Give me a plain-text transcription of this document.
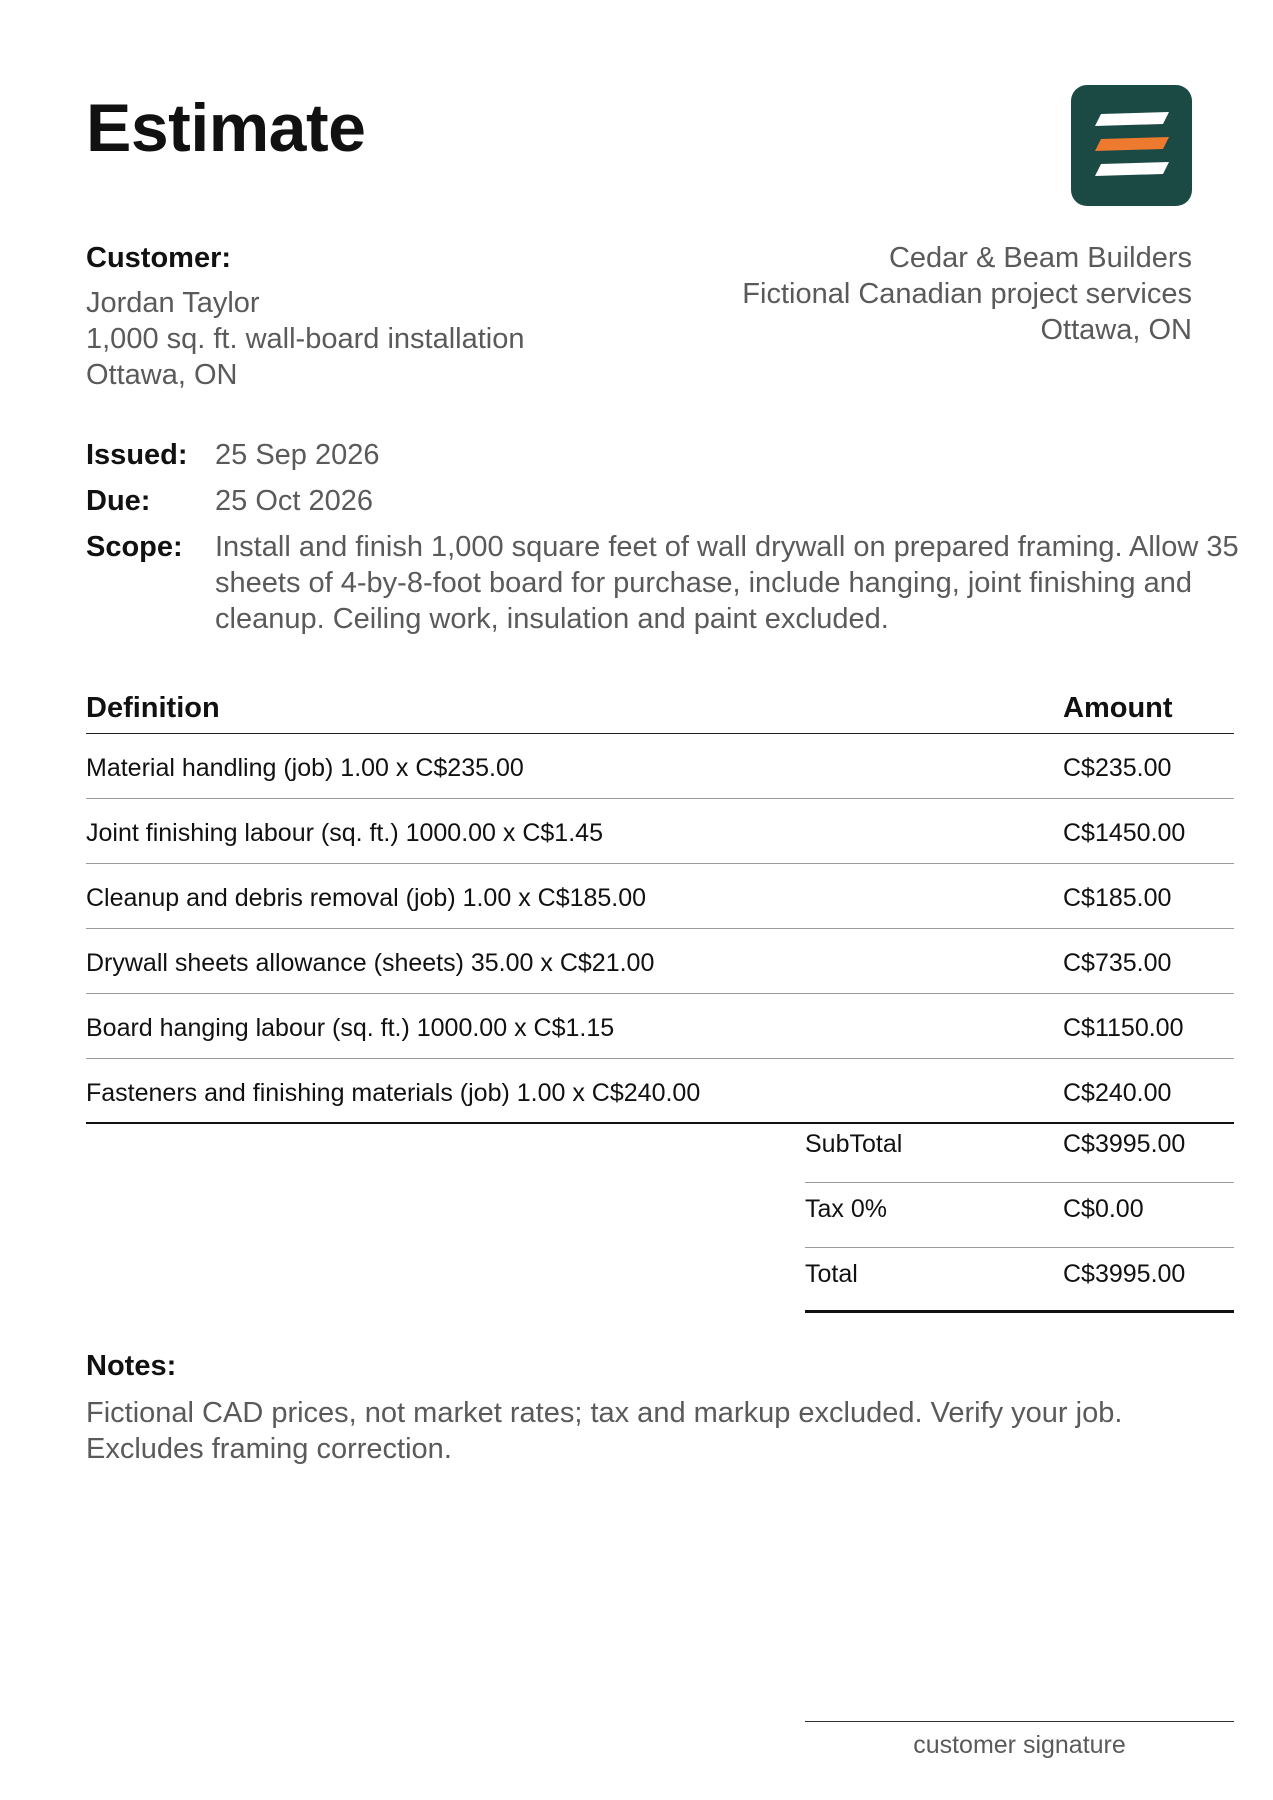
Estimate
Customer:
Jordan Taylor
1,000 sq. ft. wall-board installation
Ottawa, ON
Cedar & Beam Builders
Fictional Canadian project services
Ottawa, ON
Issued: 25 Sep 2026
Due: 25 Oct 2026
Scope: Install and finish 1,000 square feet of wall drywall on prepared framing. Allow 35 sheets of 4-by-8-foot board for purchase, include hanging, joint finishing and cleanup. Ceiling work, insulation and paint excluded.
Definition	Amount
Material handling (job) 1.00 x C$235.00	C$235.00
Joint finishing labour (sq. ft.) 1000.00 x C$1.45	C$1450.00
Cleanup and debris removal (job) 1.00 x C$185.00	C$185.00
Drywall sheets allowance (sheets) 35.00 x C$21.00	C$735.00
Board hanging labour (sq. ft.) 1000.00 x C$1.15	C$1150.00
Fasteners and finishing materials (job) 1.00 x C$240.00	C$240.00
SubTotal	C$3995.00
Tax 0%	C$0.00
Total	C$3995.00
Notes:
Fictional CAD prices, not market rates; tax and markup excluded. Verify your job. Excludes framing correction.
customer signature
